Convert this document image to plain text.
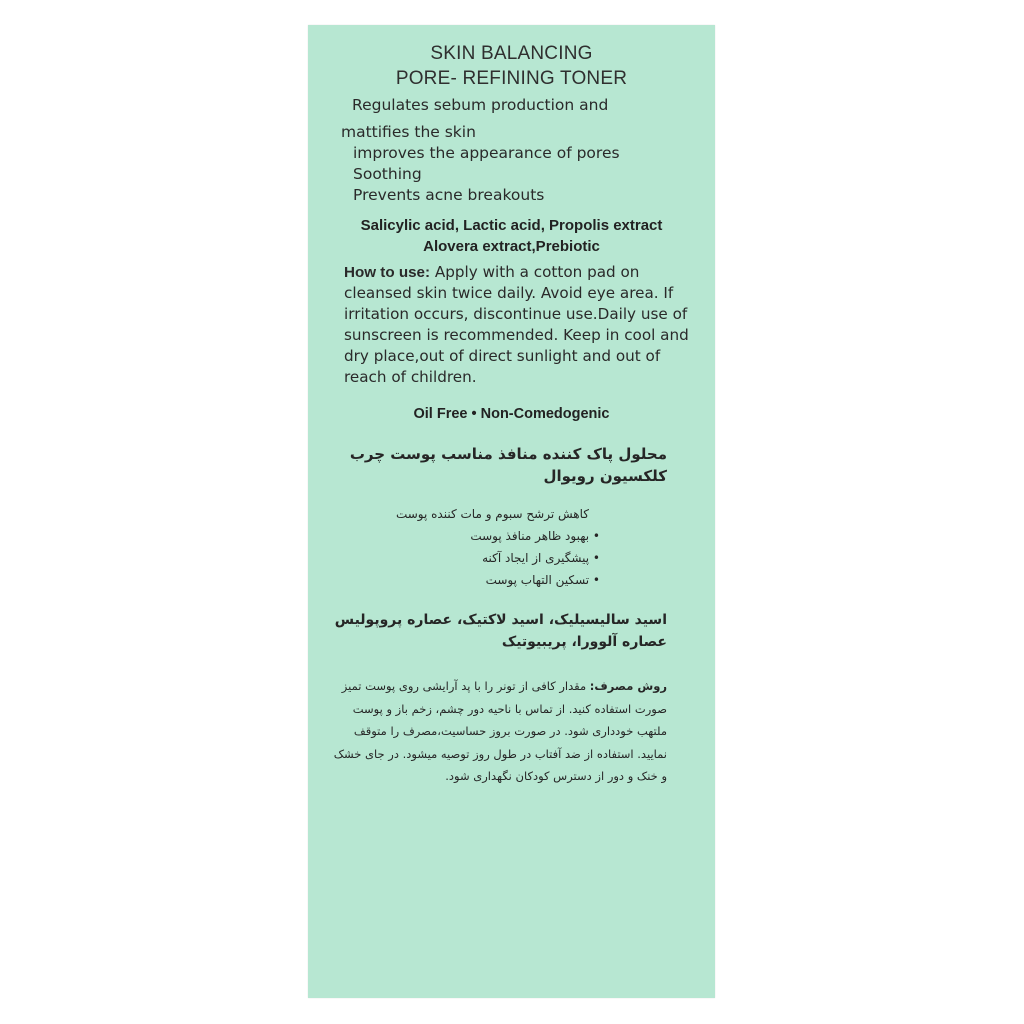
SKIN BALANCING
PORE- REFINING TONER
Regulates sebum production and
mattifies the skin
improves the appearance of pores
Soothing
Prevents acne breakouts
Salicylic acid, Lactic acid, Propolis extract
Alovera extract,Prebiotic
How to use: Apply with a cotton pad on cleansed skin twice daily. Avoid eye area. If irritation occurs, discontinue use.Daily use of sunscreen is recommended. Keep in cool and dry place,out of direct sunlight and out of reach of children.
Oil Free • Non-Comedogenic
محلول پاک کننده منافذ مناسب پوست چرب
کلکسیون رویوال
کاهش ترشح سبوم و مات کننده پوست
• بهبود ظاهر منافذ پوست
• پیشگیری از ایجاد آکنه
• تسکین التهاب پوست
اسید سالیسیلیک، اسید لاکتیک، عصاره پروپولیس
عصاره آلوورا، پریبیوتیک
روش مصرف: مقدار کافی از تونر را با پد آرایشی روی پوست تمیز صورت استفاده کنید. از تماس با ناحیه دور چشم، زخم باز و پوست ملتهب خودداری شود. در صورت بروز حساسیت،مصرف را متوقف نمایید. استفاده از ضد آفتاب در طول روز توصیه میشود. در جای خشک و خنک و دور از دسترس کودکان نگهداری شود.
